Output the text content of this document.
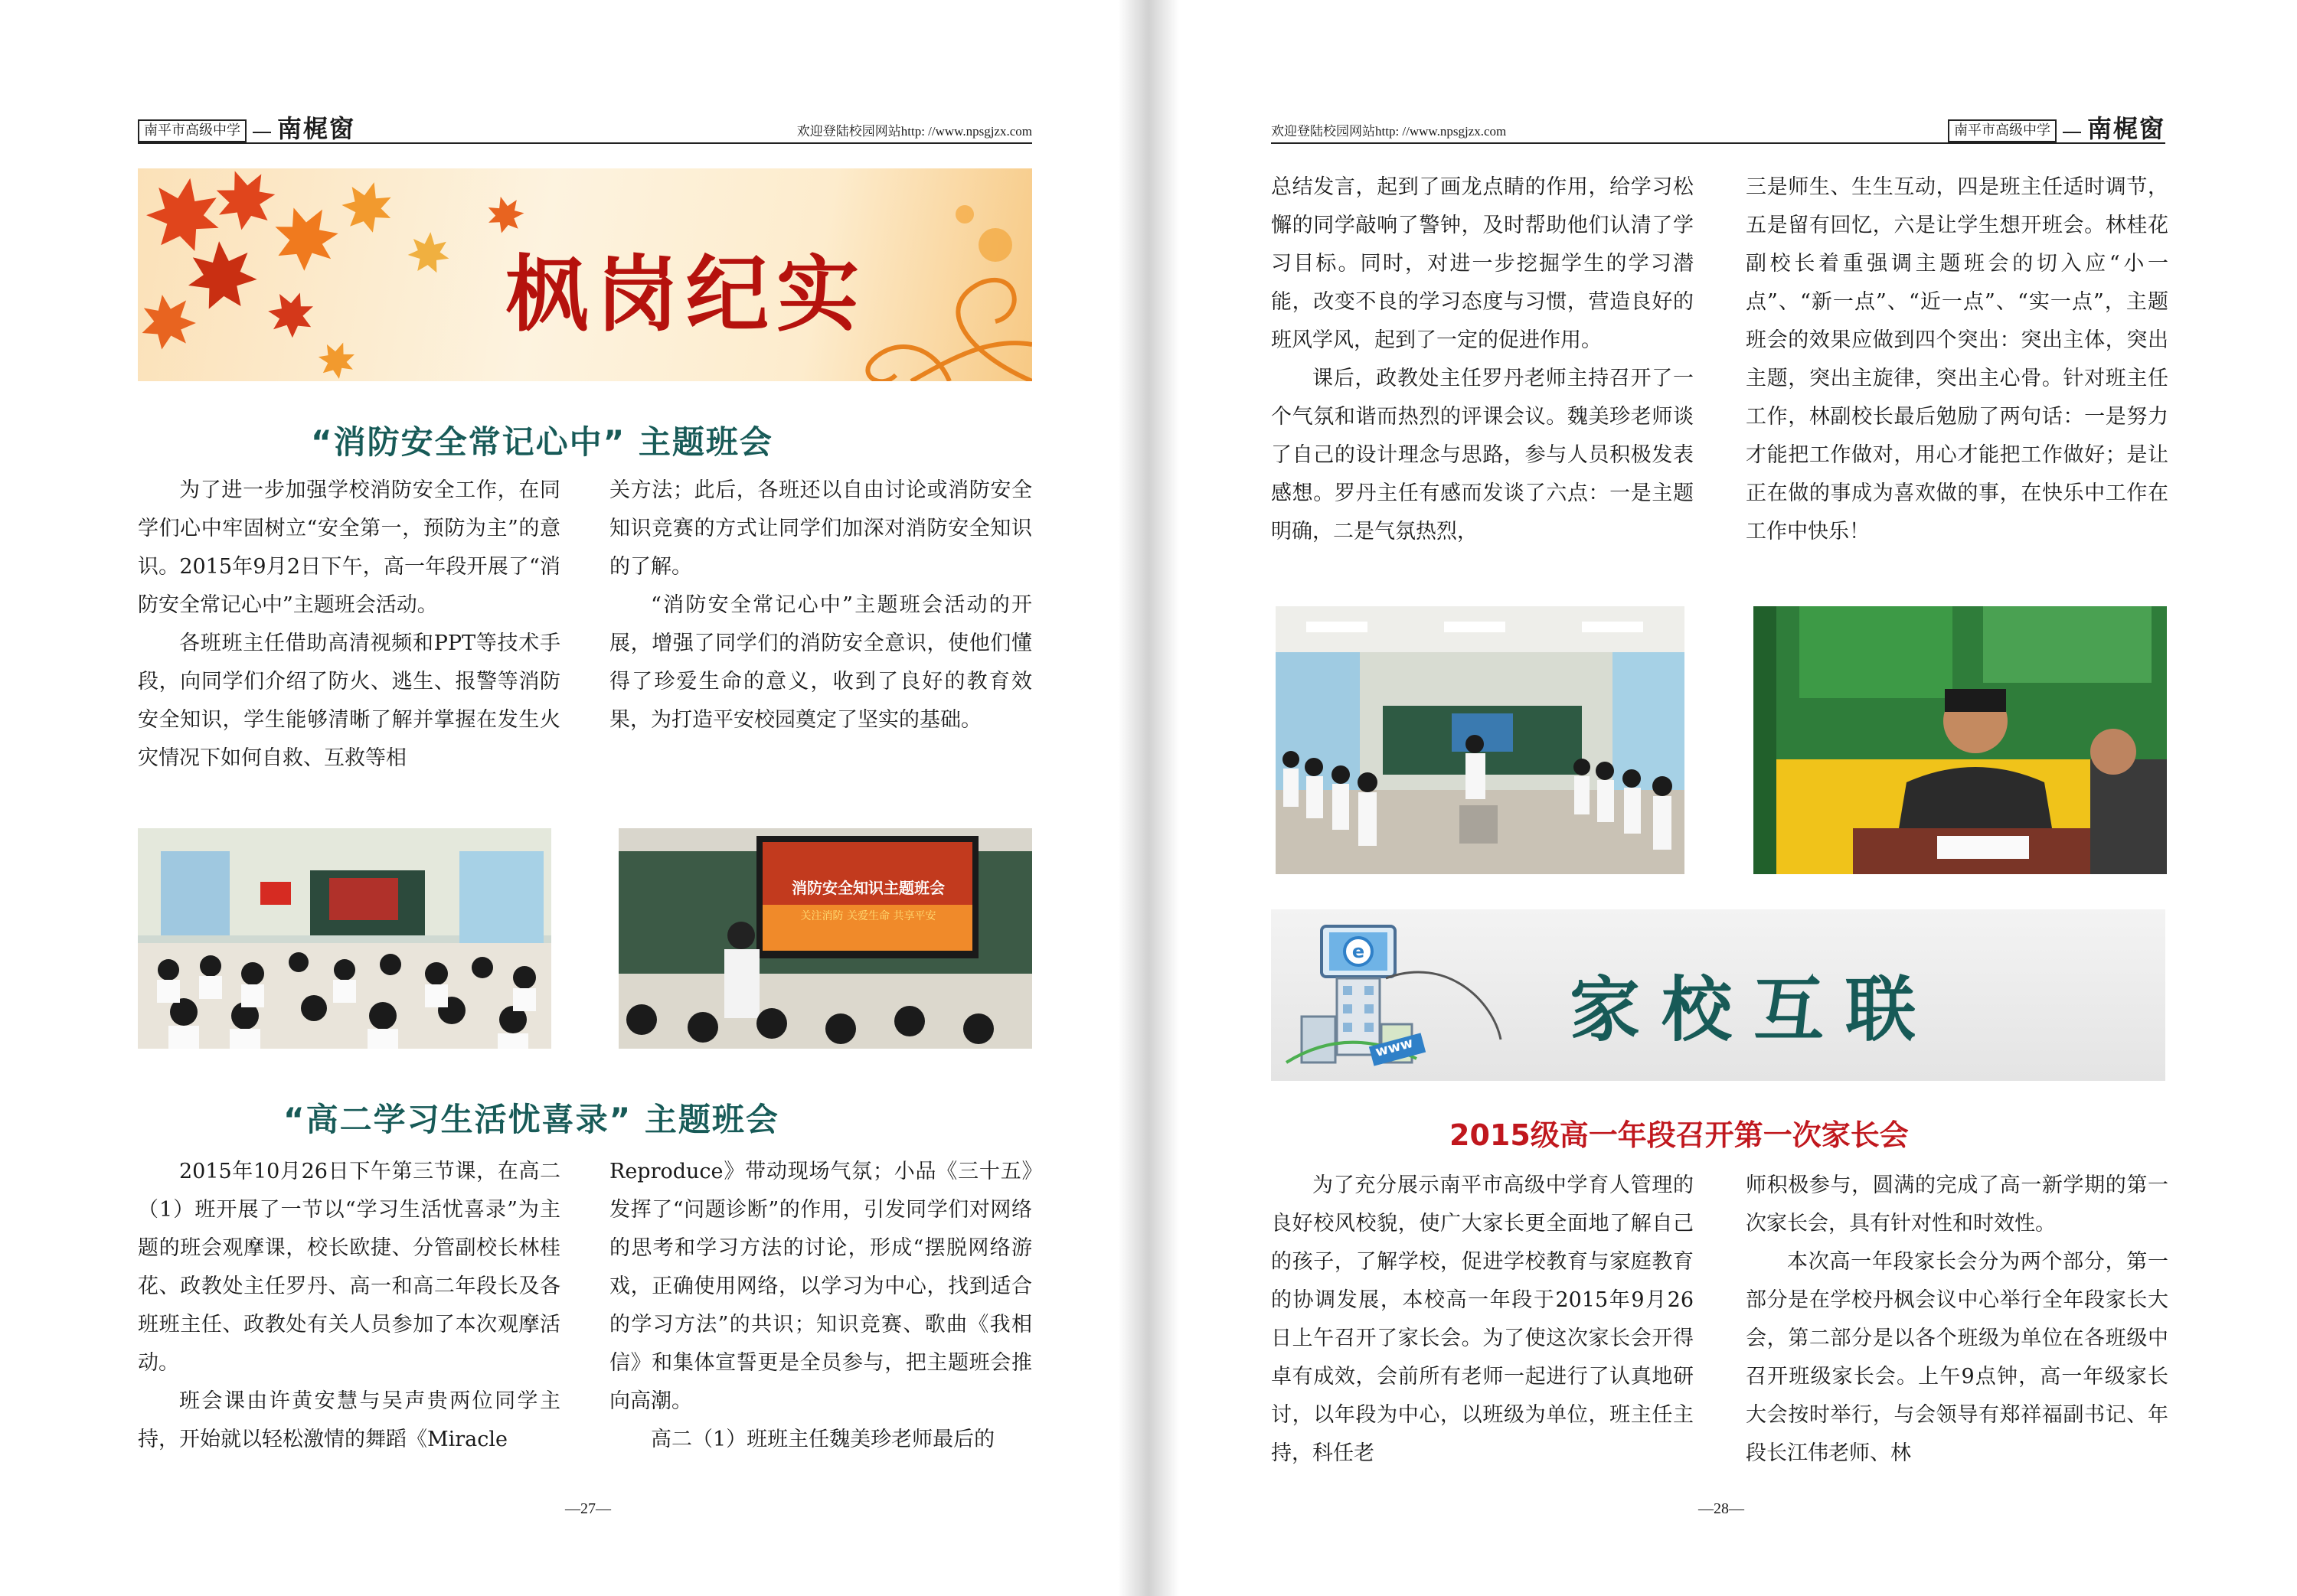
南平市高级中学 南梶窗	欢迎登陆校园网站http: //www.npsgjzx.com
枫岗纪实
“消防安全常记心中” 主题班会

为了进一步加强学校消防安全工作，在同学们心中牢固树立“安全第一，预防为主”的意识。2015年9月2日下午，高一年段开展了“消防安全常记心中”主题班会活动。

各班班主任借助高清视频和PPT等技术手段，向同学们介绍了防火、逃生、报警等消防安全知识，学生能够清晰了解并掌握在发生火灾情况下如何自救、互救等相

关方法；此后，各班还以自由讨论或消防安全知识竞赛的方式让同学们加深对消防安全知识的了解。

“消防安全常记心中”主题班会活动的开展，增强了同学们的消防安全意识，使他们懂得了珍爱生命的意义，收到了良好的教育效果，为打造平安校园奠定了坚实的基础。

消防安全知识主题班会
关注消防 关爱生命 共享平安
“高二学习生活忧喜录” 主题班会

2015年10月26日下午第三节课，在高二（1）班开展了一节以“学习生活忧喜录”为主题的班会观摩课，校长欧捷、分管副校长林桂花、政教处主任罗丹、高一和高二年段长及各班班主任、政教处有关人员参加了本次观摩活动。

班会课由许黄安慧与吴声贵两位同学主持，开始就以轻松激情的舞蹈《Miracle

Reproduce》带动现场气氛；小品《三十五》发挥了“问题诊断”的作用，引发同学们对网络的思考和学习方法的讨论，形成“摆脱网络游戏，正确使用网络，以学习为中心，找到适合的学习方法”的共识；知识竞赛、歌曲《我相信》和集体宣誓更是全员参与，把主题班会推向高潮。

高二（1）班班主任魏美珍老师最后的

—27—
欢迎登陆校园网站http: //www.npsgjzx.com	南平市高级中学 南梶窗

总结发言，起到了画龙点睛的作用，给学习松懈的同学敲响了警钟，及时帮助他们认清了学习目标。同时，对进一步挖掘学生的学习潜能，改变不良的学习态度与习惯，营造良好的班风学风，起到了一定的促进作用。

课后，政教处主任罗丹老师主持召开了一个气氛和谐而热烈的评课会议。魏美珍老师谈了自己的设计理念与思路，参与人员积极发表感想。罗丹主任有感而发谈了六点：一是主题明确，二是气氛热烈，

三是师生、生生互动，四是班主任适时调节，五是留有回忆，六是让学生想开班会。林桂花副校长着重强调主题班会的切入应“小一点”、“新一点”、“近一点”、“实一点”，主题班会的效果应做到四个突出：突出主体，突出主题，突出主旋律，突出主心骨。针对班主任工作，林副校长最后勉励了两句话：一是努力才能把工作做对，用心才能把工作做好；是让正在做的事成为喜欢做的事，在快乐中工作在工作中快乐！

e
www 家校互联
2015级高一年段召开第一次家长会

为了充分展示南平市高级中学育人管理的良好校风校貌，使广大家长更全面地了解自己的孩子，了解学校，促进学校教育与家庭教育的协调发展，本校高一年段于2015年9月26日上午召开了家长会。为了使这次家长会开得卓有成效，会前所有老师一起进行了认真地研讨，以年段为中心，以班级为单位，班主任主持，科任老

师积极参与，圆满的完成了高一新学期的第一次家长会，具有针对性和时效性。

本次高一年段家长会分为两个部分，第一部分是在学校丹枫会议中心举行全年段家长大会，第二部分是以各个班级为单位在各班级中召开班级家长会。上午9点钟，高一年级家长大会按时举行，与会领导有郑祥福副书记、年段长江伟老师、林

—28—
